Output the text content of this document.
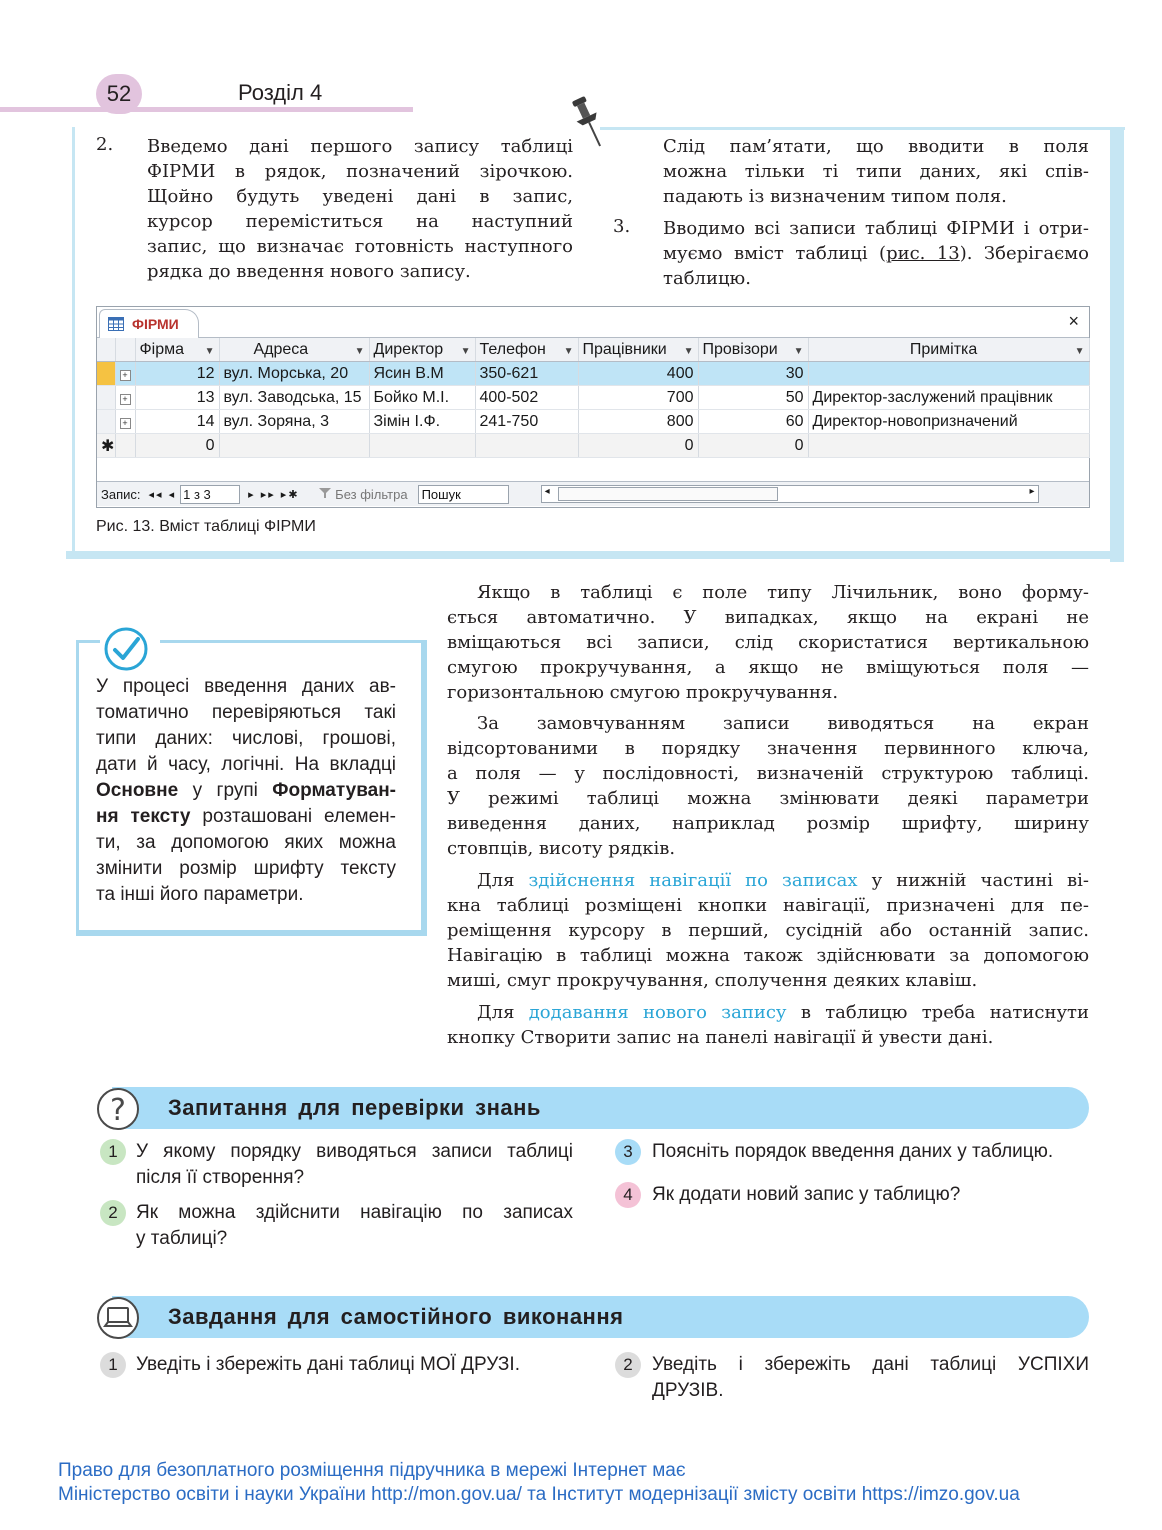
52	Розділ 4
2. Введемо дані першого запису таблиці
ФІРМИ в рядок, позначений зірочкою.
Щойно будуть уведені дані в запис,
курсор переміститься на наступний
запис, що визначає готовність наступного
рядка до введення нового запису.
Слід пам’ятати, що вводити в поля
можна тільки ті типи даних, які спів-
падають із визначеним типом поля.
3. Вводимо всі записи таблиці ФІРМИ і отри-
муємо вміст таблиці (рис. 13). Зберігаємо
таблицю.
ФІРМИ	×
		Фірма ▼	Адреса ▼	Директор ▼	Телефон ▼	Працівники ▼	Провізори ▼	Примітка ▼

	+	12	вул. Морська, 20	Ясин В.М	350-621	400	30	
	+	13	вул. Заводська, 15	Бойко М.І.	400-502	700	50	Директор-заслужений працівник
	+	14	вул. Зоряна, 3	Зімін І.Ф.	241-750	800	60	Директор-новопризначений
✱		0				0	0	
Запис: ◂◂ ◂ 1 з 3	▸ ▸▸ ▸✱	Без фільтра	Пошук	◂	▸
Рис. 13. Вміст таблиці ФІРМИ
У процесі введення даних ав-
томатично перевіряються такі
типи даних: числові, грошові,
дати й часу, логічні. На вкладці
Основне у групі Форматуван-
ня тексту розташовані елемен-
ти, за допомогою яких можна
змінити розмір шрифту тексту
та інші його параметри.
Якщо в таблиці є поле типу Лічильник, воно форму-
ється автоматично. У випадках, якщо на екрані не
вміщаються всі записи, слід скористатися вертикальною
смугою прокручування, а якщо не вміщуються поля —
горизонтальною смугою прокручування.
За замовчуванням записи виводяться на екран
відсортованими в порядку значення первинного ключа,
а поля — у послідовності, визначеній структурою таблиці.
У режимі таблиці можна змінювати деякі параметри
виведення даних, наприклад розмір шрифту, ширину
стовпців, висоту рядків.
Для здійснення навігації по записах у нижній частині ві-
кна таблиці розміщені кнопки навігації, призначені для пе-
реміщення курсору в перший, сусідній або останній запис.
Навігацію в таблиці можна також здійснювати за допомогою
миші, смуг прокручування, сполучення деяких клавіш.
Для додавання нового запису в таблицю треба натиснути
кнопку Створити запис на панелі навігації й увести дані.
? Запитання для перевірки знань
1 У якому порядку виводяться записи таблиці
після її створення?
2 Як можна здійснити навігацію по записах
у таблиці?
3	Поясніть порядок введення даних у таблицю.
4	Як додати новий запис у таблицю?
Завдання для самостійного виконання
1 Уведіть і збережіть дані таблиці МОЇ ДРУЗІ.	2	Уведіть і збережіть дані таблиці УСПІХИ
ДРУЗІВ.
Право для безоплатного розміщення підручника в мережі Інтернет має
Міністерство освіти і науки України http://mon.gov.ua/ та Інститут модернізації змісту освіти https://imzo.gov.ua
